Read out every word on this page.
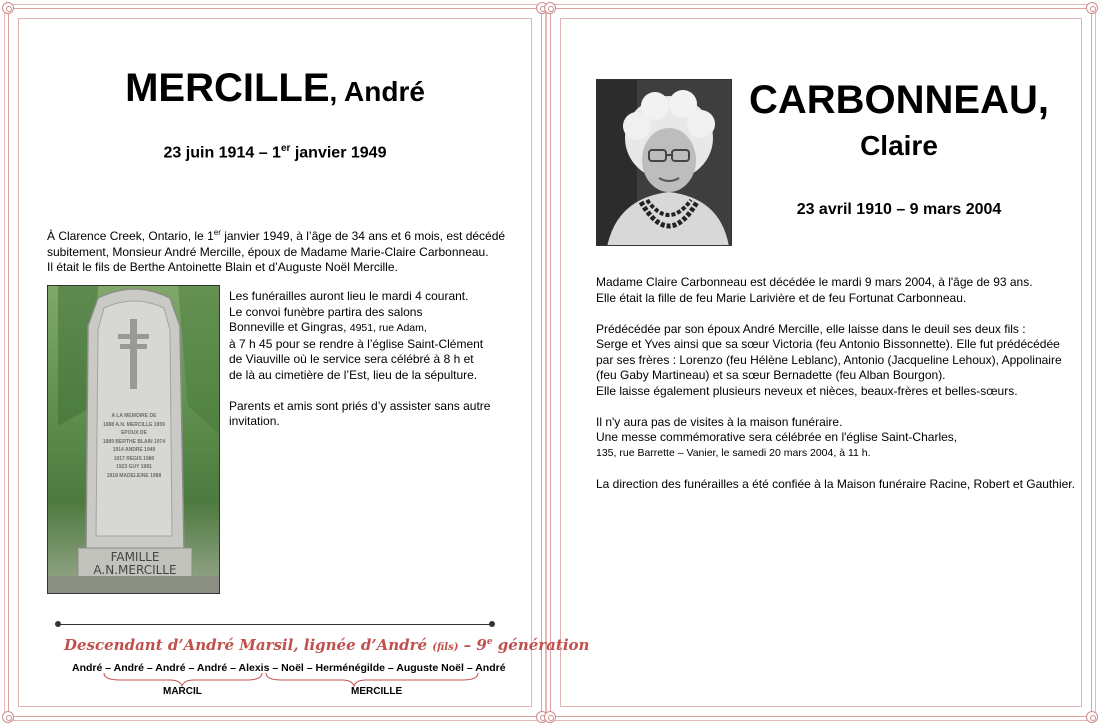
MERCILLE, André
23 juin 1914 – 1er janvier 1949
À Clarence Creek, Ontario, le 1er janvier 1949, à l’âge de 34 ans et 6 mois, est décédé
subitement, Monsieur André Mercille, époux de Madame Marie-Claire Carbonneau.
Il était le fils de Berthe Antoinette Blain et d’Auguste Noël Mercille.
A LA MEMOIRE DE
1888 A.N. MERCILLE 1959
EPOUX DE
1889 BERTHE BLAIN 1974
1914 ANDRE 1949
1917 REGIS 1980
1923 GUY 1981
1918 MADELEINE 1988
FAMILLE
A.N.MERCILLE
Les funérailles auront lieu le mardi 4 courant.
Le convoi funèbre partira des salons
Bonneville et Gingras, 4951, rue Adam,
à 7 h 45 pour se rendre à l’église Saint-Clément
de Viauville où le service sera célébré à 8 h et
de là au cimetière de l’Est, lieu de la sépulture.
Parents et amis sont priés d’y assister sans autre
invitation.
Descendant d’André Marsil, lignée d’André (fils) – 9e génération
André – André – André – André – Alexis – Noël – Herménégilde – Auguste Noël – André
MARCIL	MERCILLE
CARBONNEAU,
Claire
23 avril 1910 – 9 mars 2004
Madame Claire Carbonneau est décédée le mardi 9 mars 2004, à l'âge de 93 ans.
Elle était la fille de feu Marie Larivière et de feu Fortunat Carbonneau.
Prédécédée par son époux André Mercille, elle laisse dans le deuil ses deux fils :
Serge et Yves ainsi que sa sœur Victoria (feu Antonio Bissonnette). Elle fut prédécédée
par ses frères : Lorenzo (feu Hélène Leblanc), Antonio (Jacqueline Lehoux), Appolinaire
(feu Gaby Martineau) et sa sœur Bernadette (feu Alban Bourgon).
Elle laisse également plusieurs neveux et nièces, beaux-frères et belles-sœurs.
Il n'y aura pas de visites à la maison funéraire.
Une messe commémorative sera célébrée en l'église Saint-Charles,
135, rue Barrette – Vanier, le samedi 20 mars 2004, à 11 h.
La direction des funérailles a été confiée à la Maison funéraire Racine, Robert et Gauthier.
